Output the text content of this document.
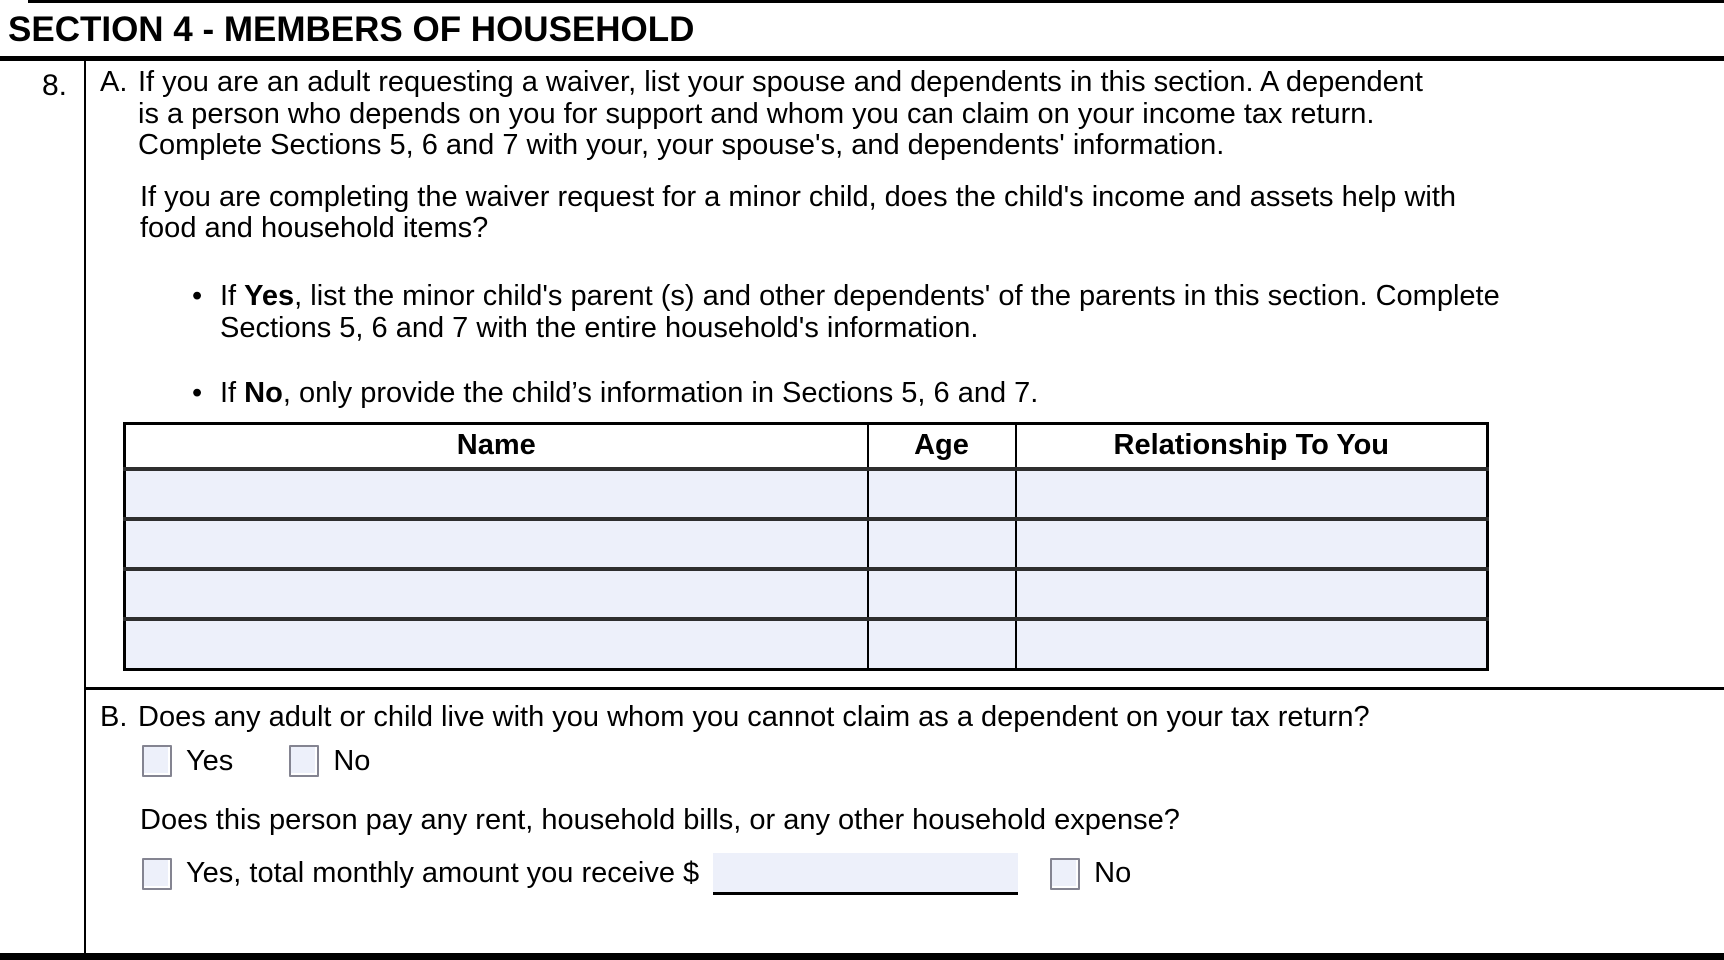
SECTION 4 - MEMBERS OF HOUSEHOLD
8.	A. If you are an adult requesting a waiver, list your spouse and dependents in this section. A dependent is a person who depends on you for support and whom you can claim on your income tax return. Complete Sections 5, 6 and 7 with your, your spouse's, and dependents' information.
If you are completing the waiver request for a minor child, does the child's income and assets help with food and household items?
• If Yes, list the minor child's parent (s) and other dependents' of the parents in this section. Complete Sections 5, 6 and 7 with the entire household's information.
• If No, only provide the child’s information in Sections 5, 6 and 7.
Name	Age	Relationship To You

B. Does any adult or child live with you whom you cannot claim as a dependent on your tax return?
Yes	No
Does this person pay any rent, household bills, or any other household expense?
Yes, total monthly amount you receive $	No
